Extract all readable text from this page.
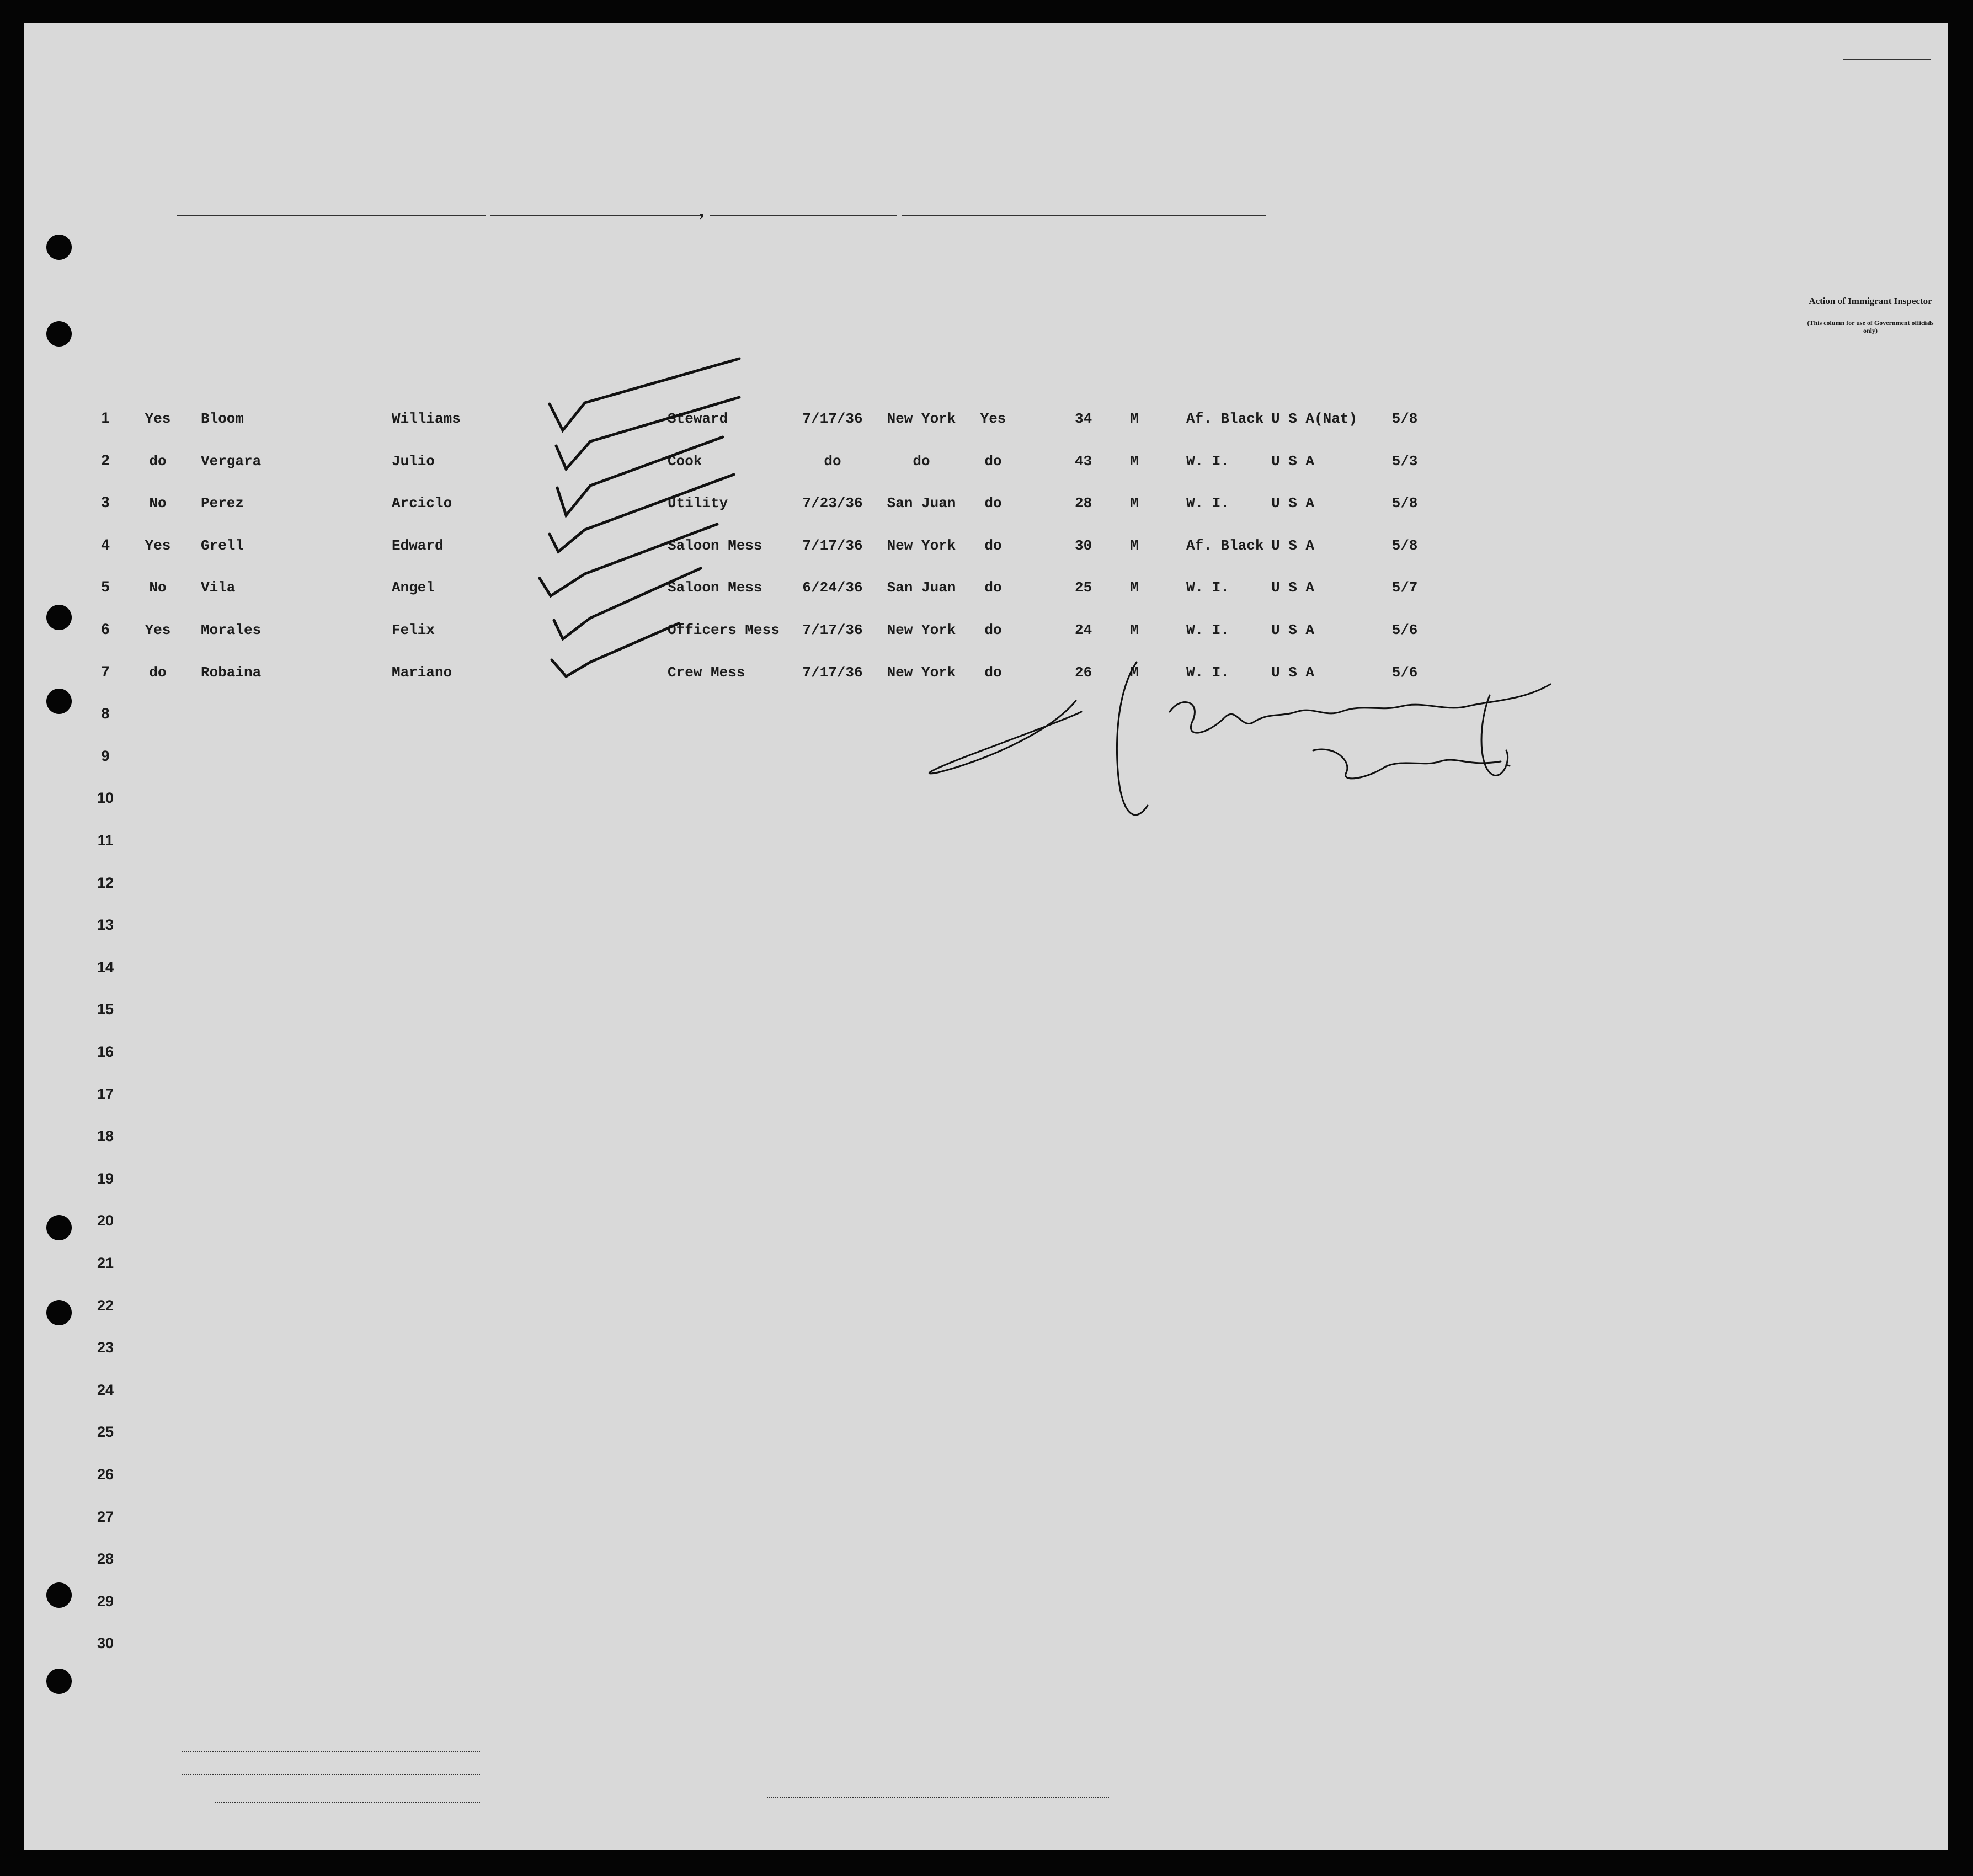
,
Action of Immigrant Inspector
(This column for use of Government officials only)
1	Yes	Bloom	Williams	Steward	7/17/36	New York	Yes	34	M	Af. Black U S A(Nat)	5/8
2	do	Vergara	Julio	Cook	do	do	do	43	M	W. I.	U S A	5/3
3	No	Perez	Arciclo	Utility	7/23/36	San Juan	do	28	M	W. I.	U S A	5/8
4	Yes	Grell	Edward	Saloon Mess	7/17/36	New York	do	30	M	Af. Black U S A	5/8
5	No	Vila	Angel	Saloon Mess	6/24/36	San Juan	do	25	M	W. I.	U S A	5/7
6	Yes	Morales	Felix	Officers Mess	7/17/36	New York	do	24	M	W. I.	U S A	5/6
7	do	Robaina	Mariano	Crew Mess	7/17/36	New York	do	26	M	W. I.	U S A	5/6
8
9
10
11
12
13
14
15
16
17
18
19
20
21
22
23
24
25
26
27
28
29
30
